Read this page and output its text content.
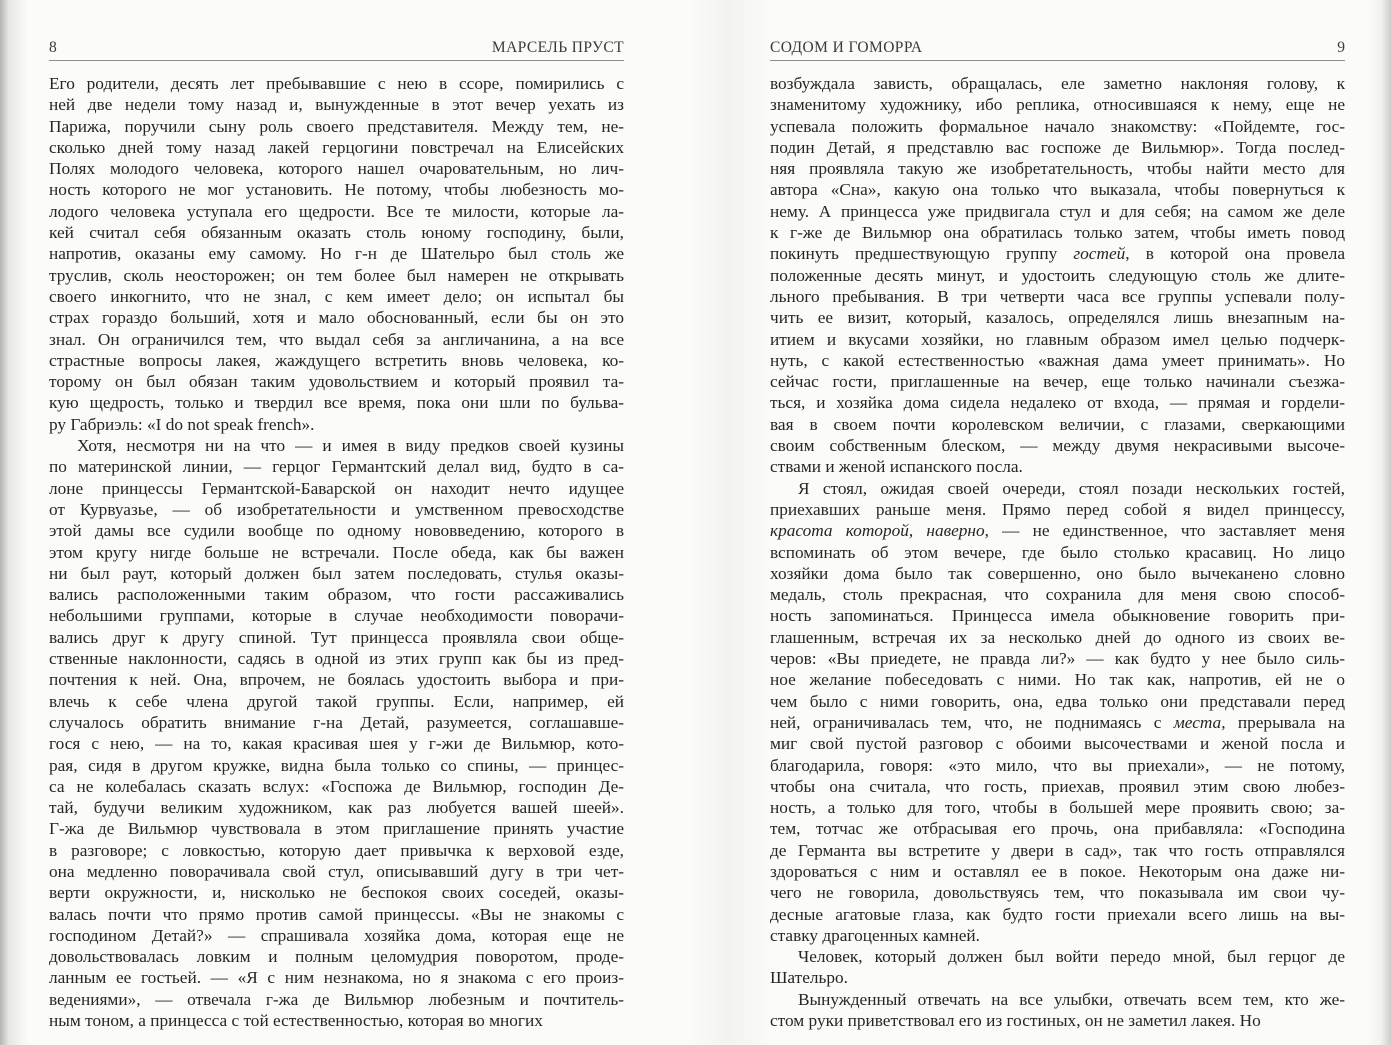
8	МАРСЕЛЬ ПРУСТ
Его родители, десять лет пребывавшие с нею в ссоре, помирились с
ней две недели тому назад и, вынужденные в этот вечер уехать из
Парижа, поручили сыну роль своего представителя. Между тем, не-
сколько дней тому назад лакей герцогини повстречал на Елисейских
Полях молодого человека, которого нашел очаровательным, но лич-
ность которого не мог установить. Не потому, чтобы любезность мо-
лодого человека уступала его щедрости. Все те милости, которые ла-
кей считал себя обязанным оказать столь юному господину, были,
напротив, оказаны ему самому. Но г-н де Шательро был столь же
труслив, сколь неосторожен; он тем более был намерен не открывать
своего инкогнито, что не знал, с кем имеет дело; он испытал бы
страх гораздо больший, хотя и мало обоснованный, если бы он это
знал. Он ограничился тем, что выдал себя за англичанина, а на все
страстные вопросы лакея, жаждущего встретить вновь человека, ко-
торому он был обязан таким удовольствием и который проявил та-
кую щедрость, только и твердил все время, пока они шли по бульва-
ру Габриэль: «I do not speak french».
Хотя, несмотря ни на что — и имея в виду предков своей кузины
по материнской линии, — герцог Германтский делал вид, будто в са-
лоне принцессы Германтской-Баварской он находит нечто идущее
от Курвуазье, — об изобретательности и умственном превосходстве
этой дамы все судили вообще по одному нововведению, которого в
этом кругу нигде больше не встречали. После обеда, как бы важен
ни был раут, который должен был затем последовать, стулья оказы-
вались расположенными таким образом, что гости рассаживались
небольшими группами, которые в случае необходимости поворачи-
вались друг к другу спиной. Тут принцесса проявляла свои обще-
ственные наклонности, садясь в одной из этих групп как бы из пред-
почтения к ней. Она, впрочем, не боялась удостоить выбора и при-
влечь к себе члена другой такой группы. Если, например, ей
случалось обратить внимание г-на Детай, разумеется, соглашавше-
гося с нею, — на то, какая красивая шея у г-жи де Вильмюр, кото-
рая, сидя в другом кружке, видна была только со спины, — принцес-
са не колебалась сказать вслух: «Госпожа де Вильмюр, господин Де-
тай, будучи великим художником, как раз любуется вашей шеей».
Г-жа де Вильмюр чувствовала в этом приглашение принять участие
в разговоре; с ловкостью, которую дает привычка к верховой езде,
она медленно поворачивала свой стул, описывавший дугу в три чет-
верти окружности, и, нисколько не беспокоя своих соседей, оказы-
валась почти что прямо против самой принцессы. «Вы не знакомы с
господином Детай?» — спрашивала хозяйка дома, которая еще не
довольствовалась ловким и полным целомудрия поворотом, проде-
ланным ее гостьей. — «Я с ним незнакома, но я знакома с его произ-
ведениями», — отвечала г-жа де Вильмюр любезным и почтитель-
ным тоном, а принцесса с той естественностью, которая во многих
СОДОМ И ГОМОРРА	9
возбуждала зависть, обращалась, еле заметно наклоняя голову, к
знаменитому художнику, ибо реплика, относившаяся к нему, еще не
успевала положить формальное начало знакомству: «Пойдемте, гос-
подин Детай, я представлю вас госпоже де Вильмюр». Тогда послед-
няя проявляла такую же изобретательность, чтобы найти место для
автора «Сна», какую она только что выказала, чтобы повернуться к
нему. А принцесса уже придвигала стул и для себя; на самом же деле
к г-же де Вильмюр она обратилась только затем, чтобы иметь повод
покинуть предшествующую группу гостей, в которой она провела
положенные десять минут, и удостоить следующую столь же длите-
льного пребывания. В три четверти часа все группы успевали полу-
чить ее визит, который, казалось, определялся лишь внезапным на-
итием и вкусами хозяйки, но главным образом имел целью подчерк-
нуть, с какой естественностью «важная дама умеет принимать». Но
сейчас гости, приглашенные на вечер, еще только начинали съезжа-
ться, и хозяйка дома сидела недалеко от входа, — прямая и гордели-
вая в своем почти королевском величии, с глазами, сверкающими
своим собственным блеском, — между двумя некрасивыми высоче-
ствами и женой испанского посла.
Я стоял, ожидая своей очереди, стоял позади нескольких гостей,
приехавших раньше меня. Прямо перед собой я видел принцессу,
красота которой, наверно, — не единственное, что заставляет меня
вспоминать об этом вечере, где было столько красавиц. Но лицо
хозяйки дома было так совершенно, оно было вычеканено словно
медаль, столь прекрасная, что сохранила для меня свою способ-
ность запоминаться. Принцесса имела обыкновение говорить при-
глашенным, встречая их за несколько дней до одного из своих ве-
черов: «Вы приедете, не правда ли?» — как будто у нее было силь-
ное желание побеседовать с ними. Но так как, напротив, ей не о
чем было с ними говорить, она, едва только они представали перед
ней, ограничивалась тем, что, не поднимаясь с места, прерывала на
миг свой пустой разговор с обоими высочествами и женой посла и
благодарила, говоря: «это мило, что вы приехали», — не потому,
чтобы она считала, что гость, приехав, проявил этим свою любез-
ность, а только для того, чтобы в большей мере проявить свою; за-
тем, тотчас же отбрасывая его прочь, она прибавляла: «Господина
де Германта вы встретите у двери в сад», так что гость отправлялся
здороваться с ним и оставлял ее в покое. Некоторым она даже ни-
чего не говорила, довольствуясь тем, что показывала им свои чу-
десные агатовые глаза, как будто гости приехали всего лишь на вы-
ставку драгоценных камней.
Человек, который должен был войти передо мной, был герцог де
Шательро.
Вынужденный отвечать на все улыбки, отвечать всем тем, кто же-
стом руки приветствовал его из гостиных, он не заметил лакея. Но
